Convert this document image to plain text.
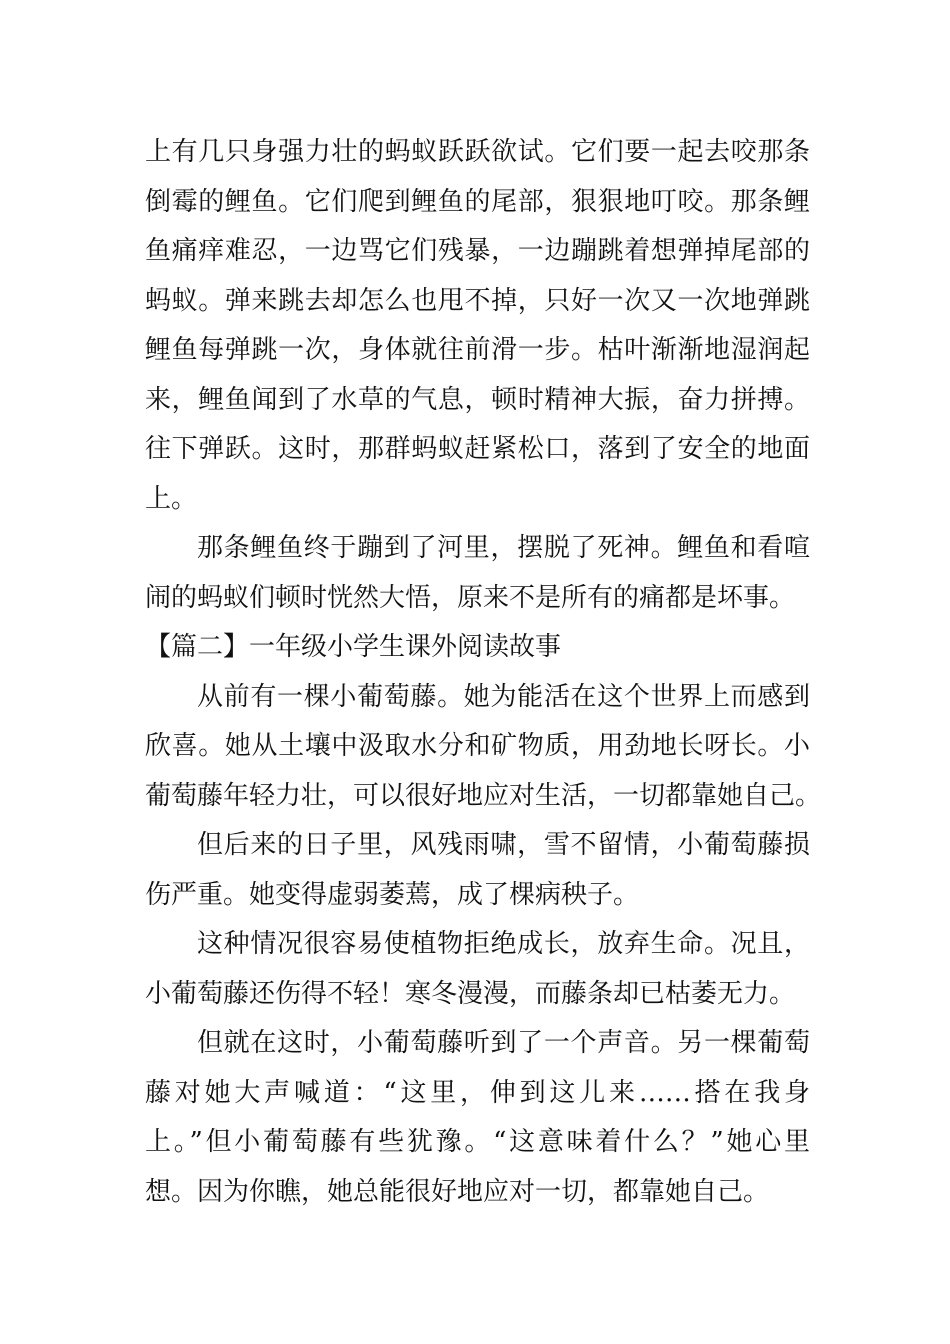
上有几只身强力壮的蚂蚁跃跃欲试。它们要一起去咬那条
倒霉的鲤鱼。它们爬到鲤鱼的尾部，狠狠地叮咬。那条鲤
鱼痛痒难忍，一边骂它们残暴，一边蹦跳着想弹掉尾部的
蚂蚁。弹来跳去却怎么也甩不掉，只好一次又一次地弹跳
鲤鱼每弹跳一次，身体就往前滑一步。枯叶渐渐地湿润起
来，鲤鱼闻到了水草的气息，顿时精神大振，奋力拼搏。
往下弹跃。这时，那群蚂蚁赶紧松口，落到了安全的地面
上。
那条鲤鱼终于蹦到了河里，摆脱了死神。鲤鱼和看喧
闹的蚂蚁们顿时恍然大悟，原来不是所有的痛都是坏事。
【篇二】一年级小学生课外阅读故事
从前有一棵小葡萄藤。她为能活在这个世界上而感到
欣喜。她从土壤中汲取水分和矿物质，用劲地长呀长。小
葡萄藤年轻力壮，可以很好地应对生活，一切都靠她自己。
但后来的日子里，风残雨啸，雪不留情，小葡萄藤损
伤严重。她变得虚弱萎蔫，成了棵病秧子。
这种情况很容易使植物拒绝成长，放弃生命。况且，
小葡萄藤还伤得不轻！寒冬漫漫，而藤条却已枯萎无力。
但就在这时，小葡萄藤听到了一个声音。另一棵葡萄
藤对她大声喊道：“这里，伸到这儿来……搭在我身
上。”但小葡萄藤有些犹豫。“这意味着什么？”她心里
想。因为你瞧，她总能很好地应对一切，都靠她自己。
